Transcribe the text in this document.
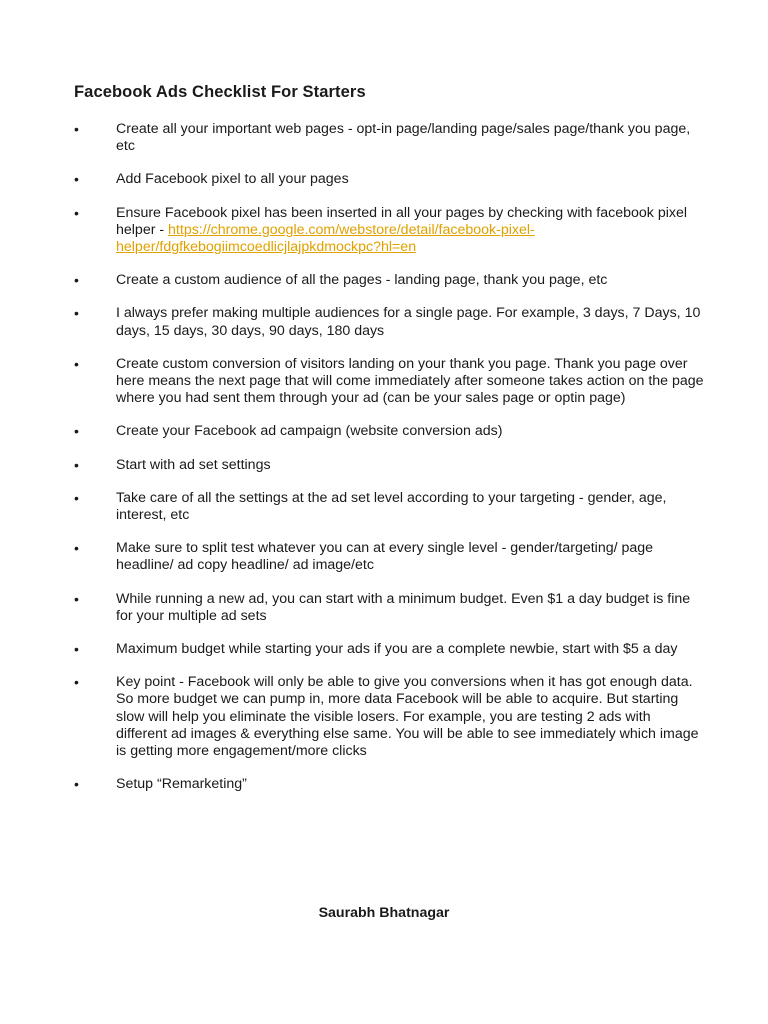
Facebook Ads Checklist For Starters
•	Create all your important web pages - opt-in page/landing page/sales page/thank you page, etc
•	Add Facebook pixel to all your pages
•	Ensure Facebook pixel has been inserted in all your pages by checking with facebook pixel helper - https://chrome.google.com/webstore/detail/facebook-pixel-helper/fdgfkebogiimcoedlicjlajpkdmockpc?hl=en
•	Create a custom audience of all the pages - landing page, thank you page, etc
•	I always prefer making multiple audiences for a single page. For example, 3 days, 7 Days, 10 days, 15 days, 30 days, 90 days, 180 days
•	Create custom conversion of visitors landing on your thank you page. Thank you page over here means the next page that will come immediately after someone takes action on the page where you had sent them through your ad (can be your sales page or optin page)
•	Create your Facebook ad campaign (website conversion ads)
•	Start with ad set settings
•	Take care of all the settings at the ad set level according to your targeting - gender, age, interest, etc
•	Make sure to split test whatever you can at every single level - gender/targeting/ page headline/ ad copy headline/ ad image/etc
•	While running a new ad, you can start with a minimum budget. Even $1 a day budget is fine for your multiple ad sets
•	Maximum budget while starting your ads if you are a complete newbie, start with $5 a day
•	Key point - Facebook will only be able to give you conversions when it has got enough data. So more budget we can pump in, more data Facebook will be able to acquire. But starting slow will help you eliminate the visible losers. For example, you are testing 2 ads with different ad images & everything else same. You will be able to see immediately which image is getting more engagement/more clicks
•	Setup “Remarketing”
Saurabh Bhatnagar
